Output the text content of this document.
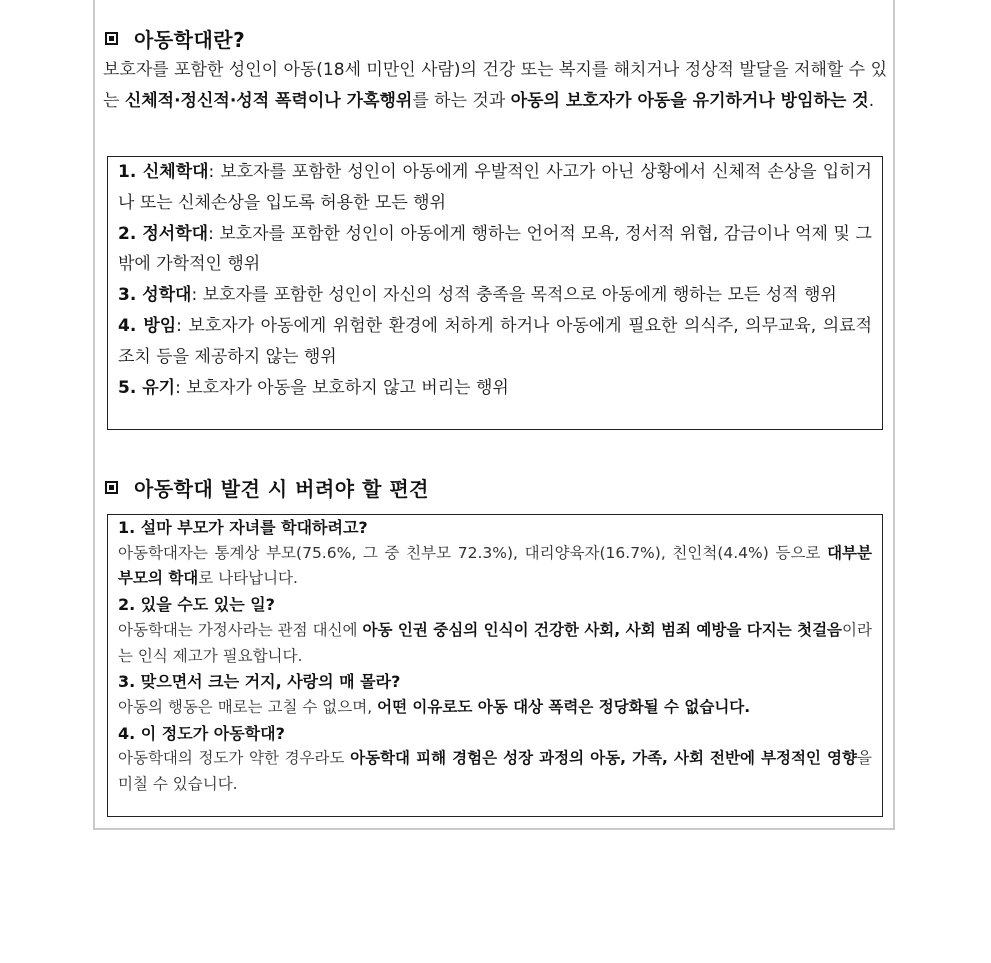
아동학대란?
보호자를 포함한 성인이 아동(18세 미만인 사람)의 건강 또는 복지를 해치거나 정상적 발달을 저해할 수 있는 신체적·정신적·성적 폭력이나 가혹행위를 하는 것과 아동의 보호자가 아동을 유기하거나 방임하는 것.
1. 신체학대: 보호자를 포함한 성인이 아동에게 우발적인 사고가 아닌 상황에서 신체적 손상을 입히거나 또는 신체손상을 입도록 허용한 모든 행위
2. 정서학대: 보호자를 포함한 성인이 아동에게 행하는 언어적 모욕, 정서적 위협, 감금이나 억제 및 그 밖에 가학적인 행위
3. 성학대: 보호자를 포함한 성인이 자신의 성적 충족을 목적으로 아동에게 행하는 모든 성적 행위
4. 방임: 보호자가 아동에게 위험한 환경에 처하게 하거나 아동에게 필요한 의식주, 의무교육, 의료적 조치 등을 제공하지 않는 행위
5. 유기: 보호자가 아동을 보호하지 않고 버리는 행위
아동학대 발견 시 버려야 할 편견
1. 설마 부모가 자녀를 학대하려고?
아동학대자는 통계상 부모(75.6%, 그 중 친부모 72.3%), 대리양육자(16.7%), 친인척(4.4%) 등으로 대부분 부모의 학대로 나타납니다.
2. 있을 수도 있는 일?
아동학대는 가정사라는 관점 대신에 아동 인권 중심의 인식이 건강한 사회, 사회 범죄 예방을 다지는 첫걸음이라는 인식 제고가 필요합니다.
3. 맞으면서 크는 거지, 사랑의 매 몰라?
아동의 행동은 매로는 고칠 수 없으며, 어떤 이유로도 아동 대상 폭력은 정당화될 수 없습니다.
4. 이 정도가 아동학대?
아동학대의 정도가 약한 경우라도 아동학대 피해 경험은 성장 과정의 아동, 가족, 사회 전반에 부정적인 영향을 미칠 수 있습니다.
